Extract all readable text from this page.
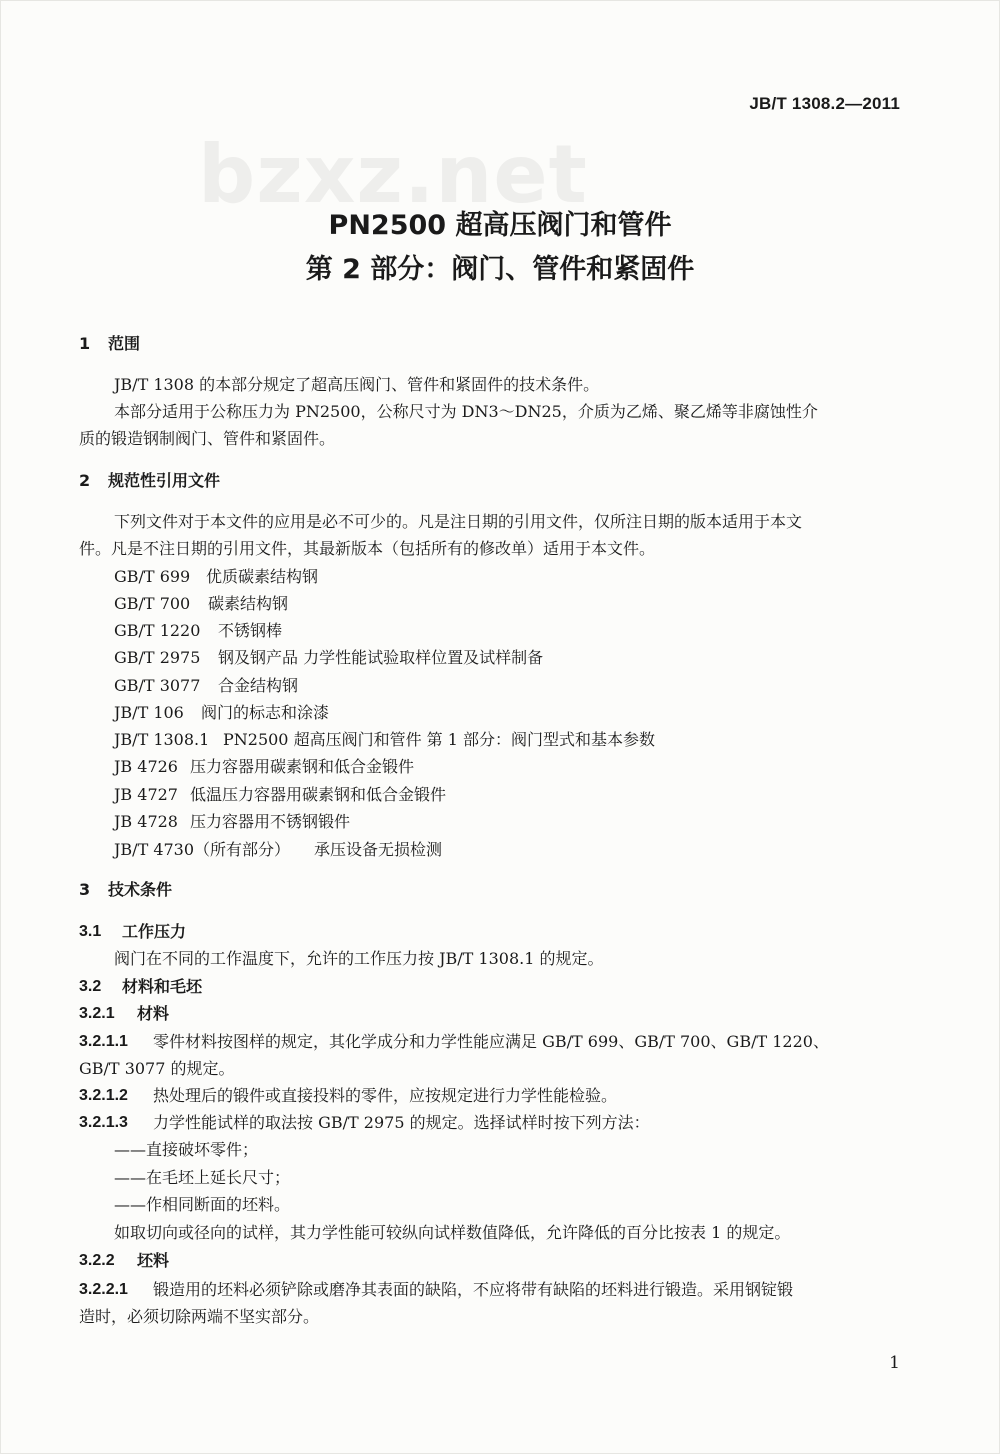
bzxz.net
JB/T 1308.2—2011
PN2500 超高压阀门和管件
第 2 部分：阀门、管件和紧固件
1 范围
JB/T 1308 的本部分规定了超高压阀门、管件和紧固件的技术条件。
本部分适用于公称压力为 PN2500，公称尺寸为 DN3～DN25，介质为乙烯、聚乙烯等非腐蚀性介
质的锻造钢制阀门、管件和紧固件。
2 规范性引用文件
下列文件对于本文件的应用是必不可少的。凡是注日期的引用文件，仅所注日期的版本适用于本文
件。凡是不注日期的引用文件，其最新版本（包括所有的修改单）适用于本文件。
GB/T 699 优质碳素结构钢
GB/T 700 碳素结构钢
GB/T 1220 不锈钢棒
GB/T 2975 钢及钢产品 力学性能试验取样位置及试样制备
GB/T 3077 合金结构钢
JB/T 106 阀门的标志和涂漆
JB/T 1308.1 PN2500 超高压阀门和管件 第 1 部分：阀门型式和基本参数
JB 4726 压力容器用碳素钢和低合金锻件
JB 4727 低温压力容器用碳素钢和低合金锻件
JB 4728 压力容器用不锈钢锻件
JB/T 4730（所有部分） 承压设备无损检测
3 技术条件
3.1 工作压力
阀门在不同的工作温度下，允许的工作压力按 JB/T 1308.1 的规定。
3.2 材料和毛坯
3.2.1 材料
3.2.1.1 零件材料按图样的规定，其化学成分和力学性能应满足 GB/T 699、GB/T 700、GB/T 1220、
GB/T 3077 的规定。
3.2.1.2 热处理后的锻件或直接投料的零件，应按规定进行力学性能检验。
3.2.1.3 力学性能试样的取法按 GB/T 2975 的规定。选择试样时按下列方法：
——直接破坏零件；
——在毛坯上延长尺寸；
——作相同断面的坯料。
如取切向或径向的试样，其力学性能可较纵向试样数值降低，允许降低的百分比按表 1 的规定。
3.2.2 坯料
3.2.2.1 锻造用的坯料必须铲除或磨净其表面的缺陷，不应将带有缺陷的坯料进行锻造。采用钢锭锻
造时，必须切除两端不坚实部分。
1
